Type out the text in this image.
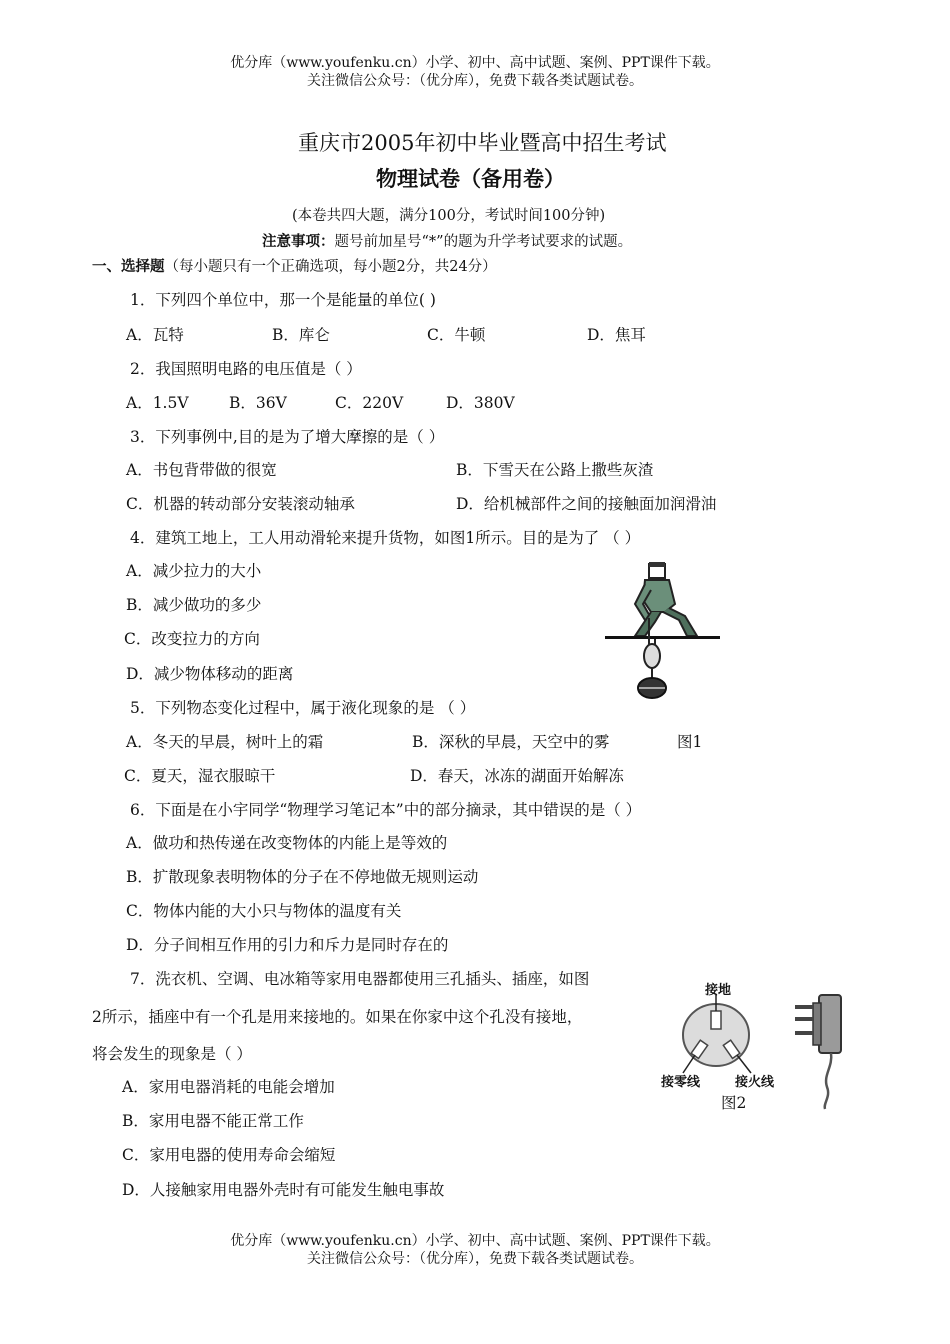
优分库（www.youfenku.cn）小学、初中、高中试题、案例、PPT课件下载。
关注微信公众号：（优分库），免费下载各类试题试卷。
重庆市2005年初中毕业暨高中招生考试
物理试卷（备用卷）
(本卷共四大题，满分100分，考试时间100分钟)
注意事项：题号前加星号“*”的题为升学考试要求的试题。
一、选择题（每小题只有一个正确选项，每小题2分，共24分）
1．下列四个单位中，那一个是能量的单位( )
A．瓦特	B．库仑	C．牛顿	D．焦耳
2．我国照明电路的电压值是（ ）
A．1.5V	B．36V	C．220V	D．380V
3．下列事例中,目的是为了增大摩擦的是（ ）
A．书包背带做的很宽	B．下雪天在公路上撒些灰渣
C．机器的转动部分安装滚动轴承	D．给机械部件之间的接触面加润滑油
4．建筑工地上，工人用动滑轮来提升货物，如图1所示。目的是为了 （ ）
A．减少拉力的大小
B．减少做功的多少
C．改变拉力的方向
D．减少物体移动的距离
5．下列物态变化过程中，属于液化现象的是 （ ）
A．冬天的早晨，树叶上的霜	B．深秋的早晨，天空中的雾	图1
C．夏天，湿衣服晾干	D．春天，冰冻的湖面开始解冻
6．下面是在小宇同学“物理学习笔记本”中的部分摘录，其中错误的是（ ）
A．做功和热传递在改变物体的内能上是等效的
B．扩散现象表明物体的分子在不停地做无规则运动
C．物体内能的大小只与物体的温度有关
D．分子间相互作用的引力和斥力是同时存在的
7．洗衣机、空调、电冰箱等家用电器都使用三孔插头、插座，如图
2所示，插座中有一个孔是用来接地的。如果在你家中这个孔没有接地，
将会发生的现象是（ ）
A．家用电器消耗的电能会增加
B．家用电器不能正常工作
C．家用电器的使用寿命会缩短
D．人接触家用电器外壳时有可能发生触电事故
接地
接零线	接火线
图2
优分库（www.youfenku.cn）小学、初中、高中试题、案例、PPT课件下载。
关注微信公众号：（优分库），免费下载各类试题试卷。
